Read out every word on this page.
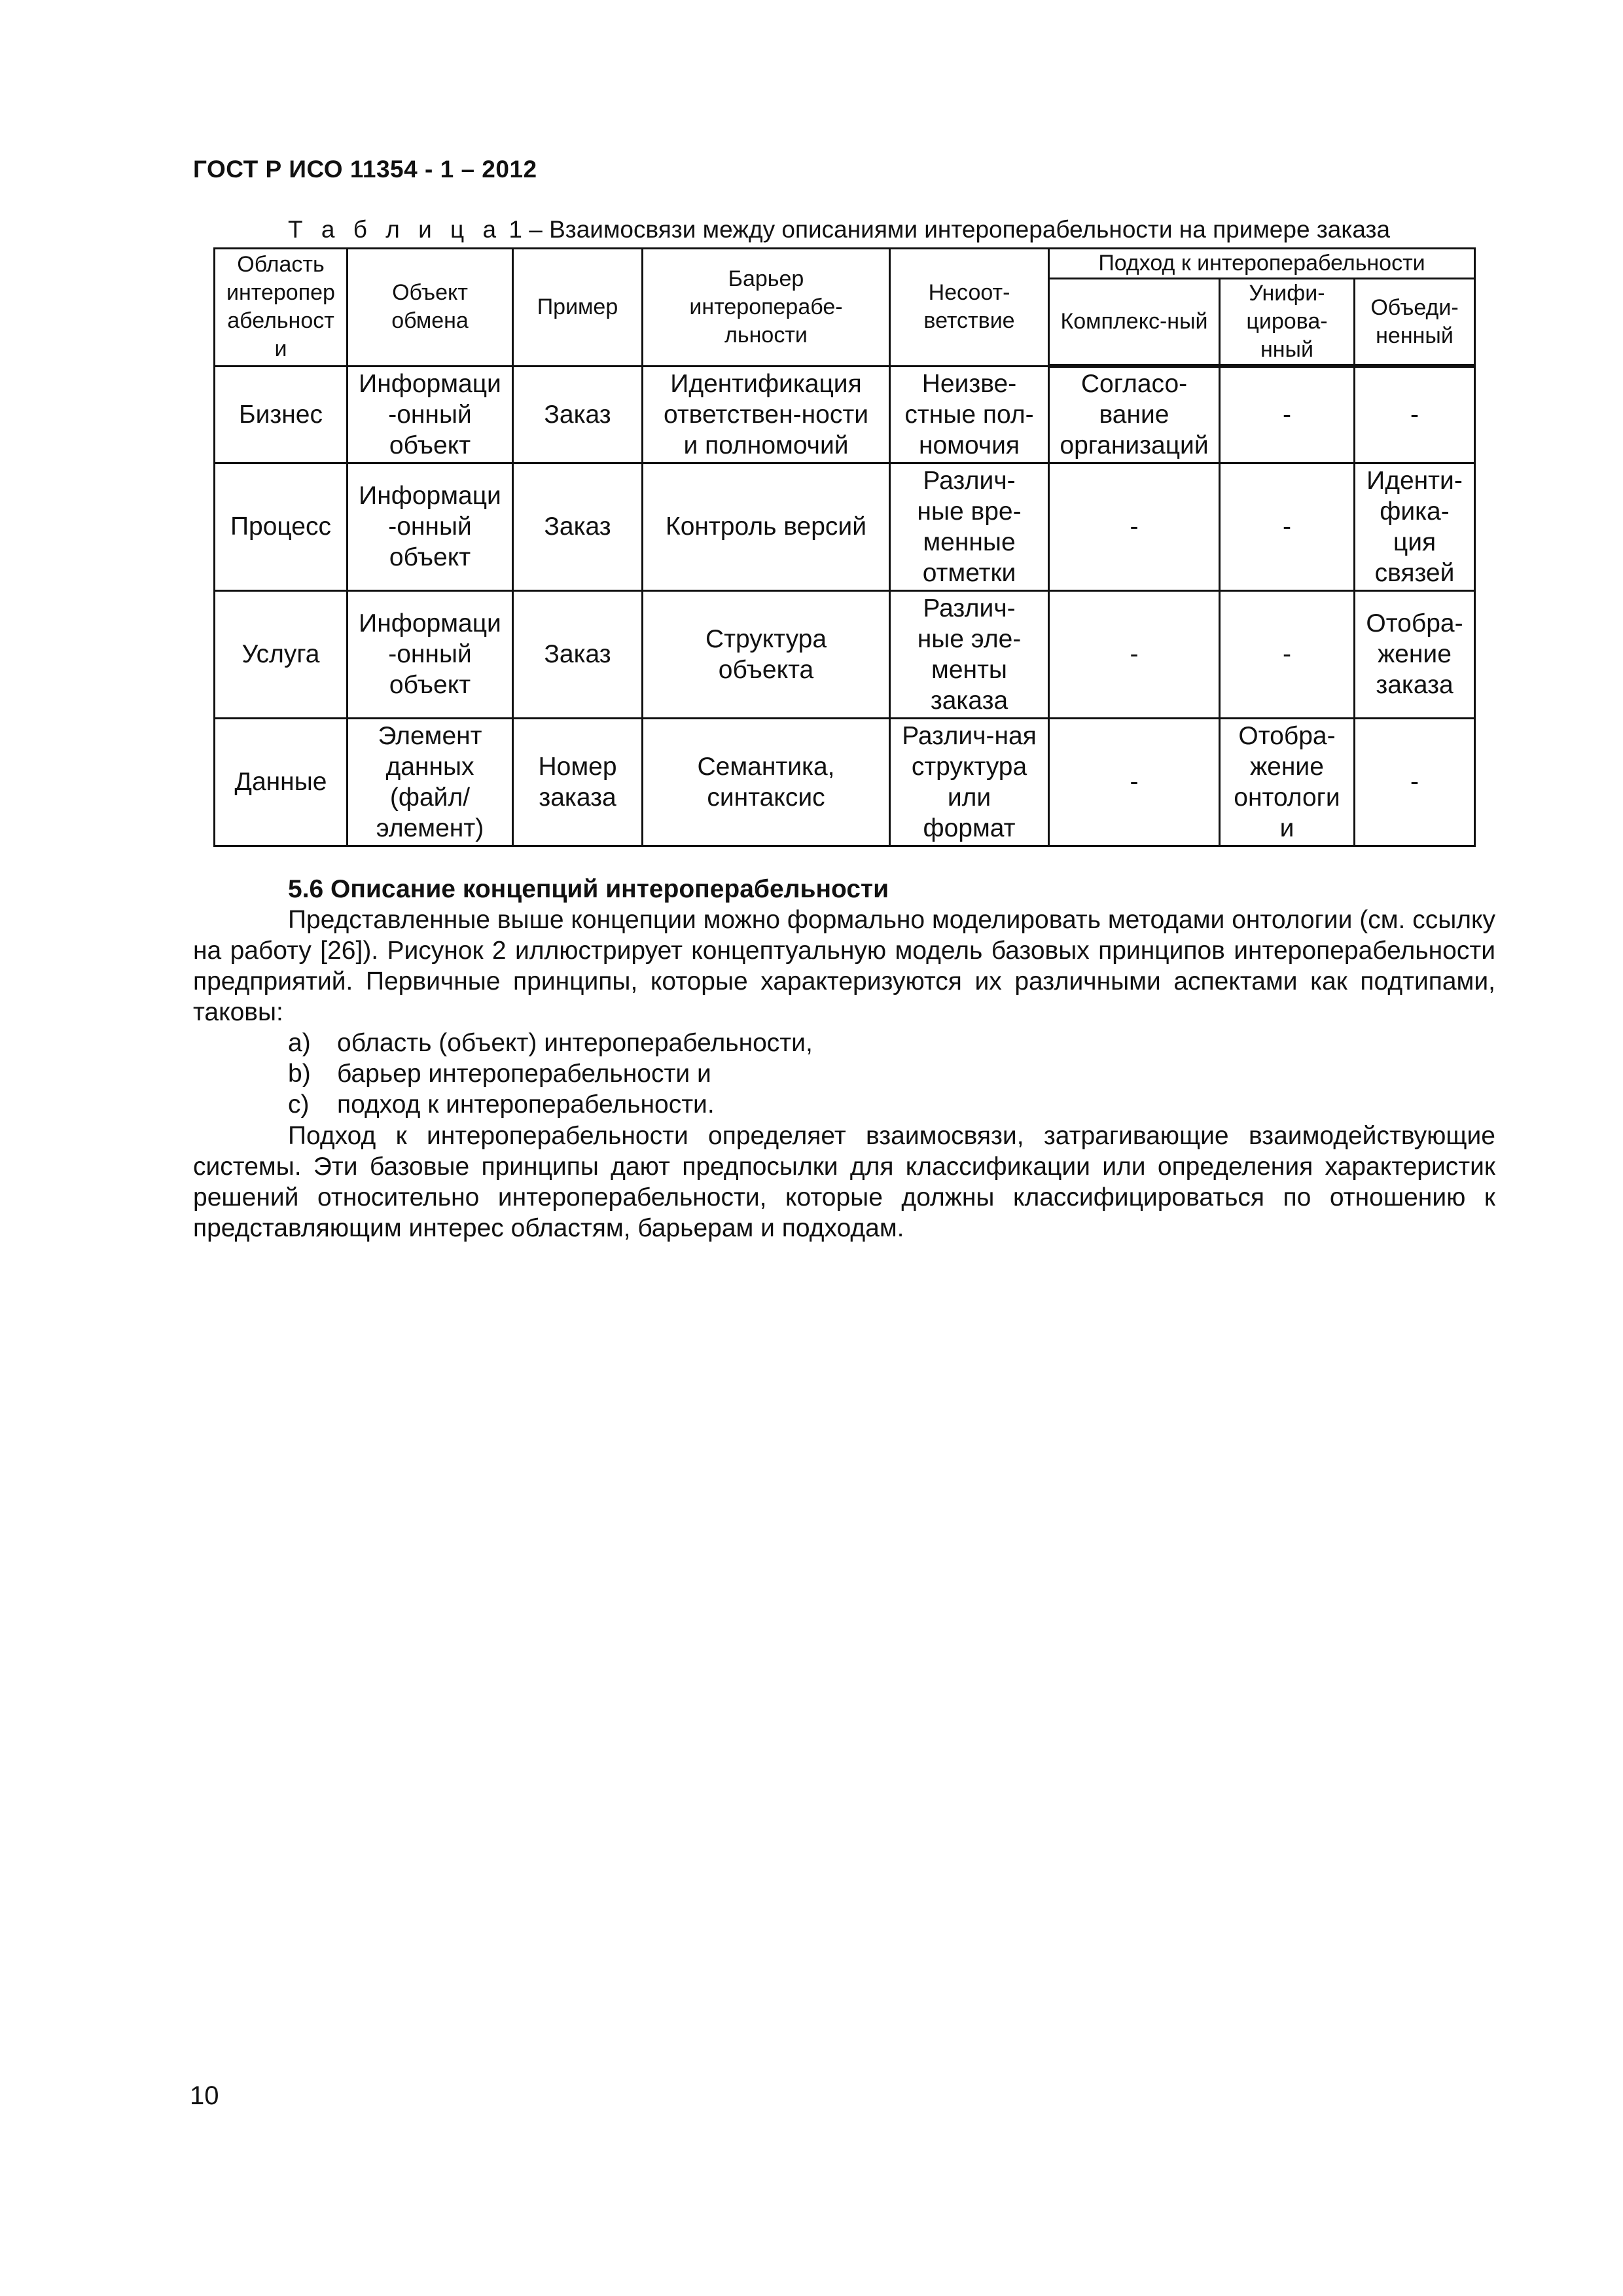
ГОСТ Р ИСО 11354 - 1 – 2012
Т а б л и ц а 1 – Взаимосвязи между описаниями интероперабельности на примере заказа
Область
интеропер
абельност
и	Объект
обмена	Пример	Барьер
интероперабе-
льности	Несоот-
ветствие	Подход к интероперабельности		
					Комплекс-ный	Унифи-
цирова-
нный	Объеди-
ненный
Бизнес	Информаци
-онный
объект	Заказ	Идентификация
ответствен-ности
и полномочий	Неизве-
стные пол-
номочия	Согласо-
вание
организаций	-	-
Процесс	Информаци
-онный
объект	Заказ	Контроль версий	Различ-
ные вре-
менные
отметки	-	-	Иденти-
фика-
ция
связей
Услуга	Информаци
-онный
объект	Заказ	Структура
объекта	Различ-
ные эле-
менты
заказа	-	-	Отобра-
жение
заказа
Данные	Элемент
данных
(файл/
элемент)	Номер
заказа	Семантика,
синтаксис	Различ-ная
структура
или
формат	-	Отобра-
жение
онтологи
и	-
5.6 Описание концепций интероперабельности
Представленные выше концепции можно формально моделировать методами онтологии (см. ссылку на работу [26]). Рисунок 2 иллюстрирует концептуальную модель базовых принципов интероперабельности предприятий. Первичные принципы, которые характеризуются их различными аспектами как подтипами, таковы:
a)	область (объект) интероперабельности,
b)	барьер интероперабельности и
c)	подход к интероперабельности.
Подход к интероперабельности определяет взаимосвязи, затрагивающие взаимодействующие системы. Эти базовые принципы дают предпосылки для классификации или определения характеристик решений относительно интероперабельности, которые должны классифицироваться по отношению к представляющим интерес областям, барьерам и подходам.
10
